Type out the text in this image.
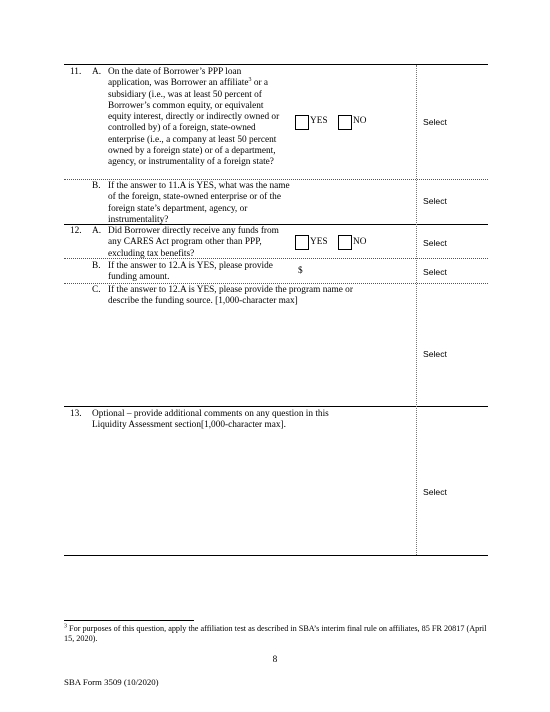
11. A. On the date of Borrower’s PPP loan application, was Borrower an affiliate$^3$ or a subsidiary (i.e., was at least 50 percent of Borrower’s common equity, or equivalent equity interest, directly or indirectly owned or controlled by) of a foreign, state-owned enterprise (i.e., a company at least 50 percent owned by a foreign state) or of a department, agency, or instrumentality of a foreign state?
YES	NO	Select
B. If the answer to 11.A is YES, what was the name of the foreign, state-owned enterprise or of the foreign state’s department, agency, or instrumentality?
Select
12. A. Did Borrower directly receive any funds from any CARES Act program other than PPP, excluding tax benefits?
YES	NO	Select
B. If the answer to 12.A is YES, please provide funding amount.
$	Select
C. If the answer to 12.A is YES, please provide the program name or describe the funding source. [1,000-character max]
Select
13. Optional – provide additional comments on any question in this Liquidity Assessment section[1,000-character max].
Select
$^3$ For purposes of this question, apply the affiliation test as described in SBA’s interim final rule on affiliates, 85 FR 20817 (April 15, 2020).
8
SBA Form 3509 (10/2020)
